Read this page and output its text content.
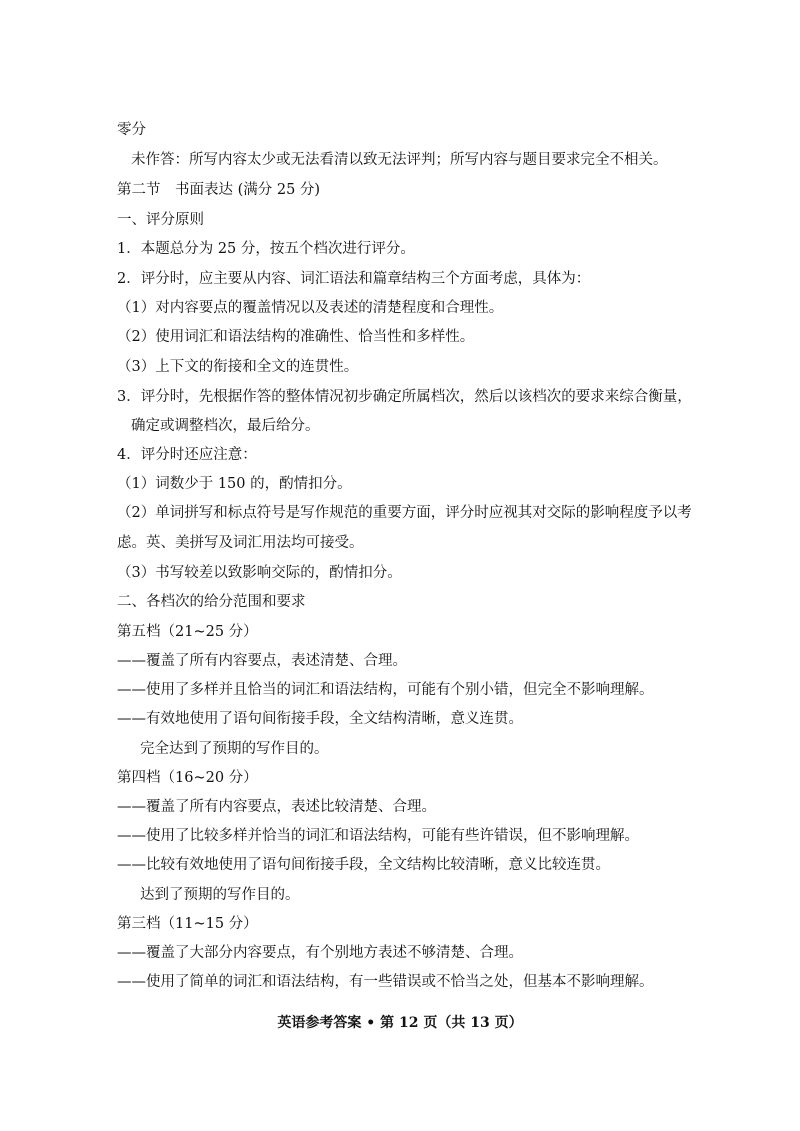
零分
未作答：所写内容太少或无法看清以致无法评判；所写内容与题目要求完全不相关。
第二节　书面表达 (满分 25 分)
一、评分原则
1．本题总分为 25 分，按五个档次进行评分。
2．评分时，应主要从内容、词汇语法和篇章结构三个方面考虑，具体为：
（1）对内容要点的覆盖情况以及表述的清楚程度和合理性。
（2）使用词汇和语法结构的准确性、恰当性和多样性。
（3）上下文的衔接和全文的连贯性。
3．评分时，先根据作答的整体情况初步确定所属档次，然后以该档次的要求来综合衡量，
确定或调整档次，最后给分。
4．评分时还应注意：
（1）词数少于 150 的，酌情扣分。
（2）单词拼写和标点符号是写作规范的重要方面，评分时应视其对交际的影响程度予以考
虑。英、美拼写及词汇用法均可接受。
（3）书写较差以致影响交际的，酌情扣分。
二、各档次的给分范围和要求
第五档（21~25 分）
——覆盖了所有内容要点，表述清楚、合理。
——使用了多样并且恰当的词汇和语法结构，可能有个别小错，但完全不影响理解。
——有效地使用了语句间衔接手段，全文结构清晰，意义连贯。
完全达到了预期的写作目的。
第四档（16~20 分）
——覆盖了所有内容要点，表述比较清楚、合理。
——使用了比较多样并恰当的词汇和语法结构，可能有些许错误，但不影响理解。
——比较有效地使用了语句间衔接手段，全文结构比较清晰，意义比较连贯。
达到了预期的写作目的。
第三档（11~15 分）
——覆盖了大部分内容要点，有个别地方表述不够清楚、合理。
——使用了简单的词汇和语法结构，有一些错误或不恰当之处，但基本不影响理解。
英语参考答案 • 第 12 页（共 13 页）
